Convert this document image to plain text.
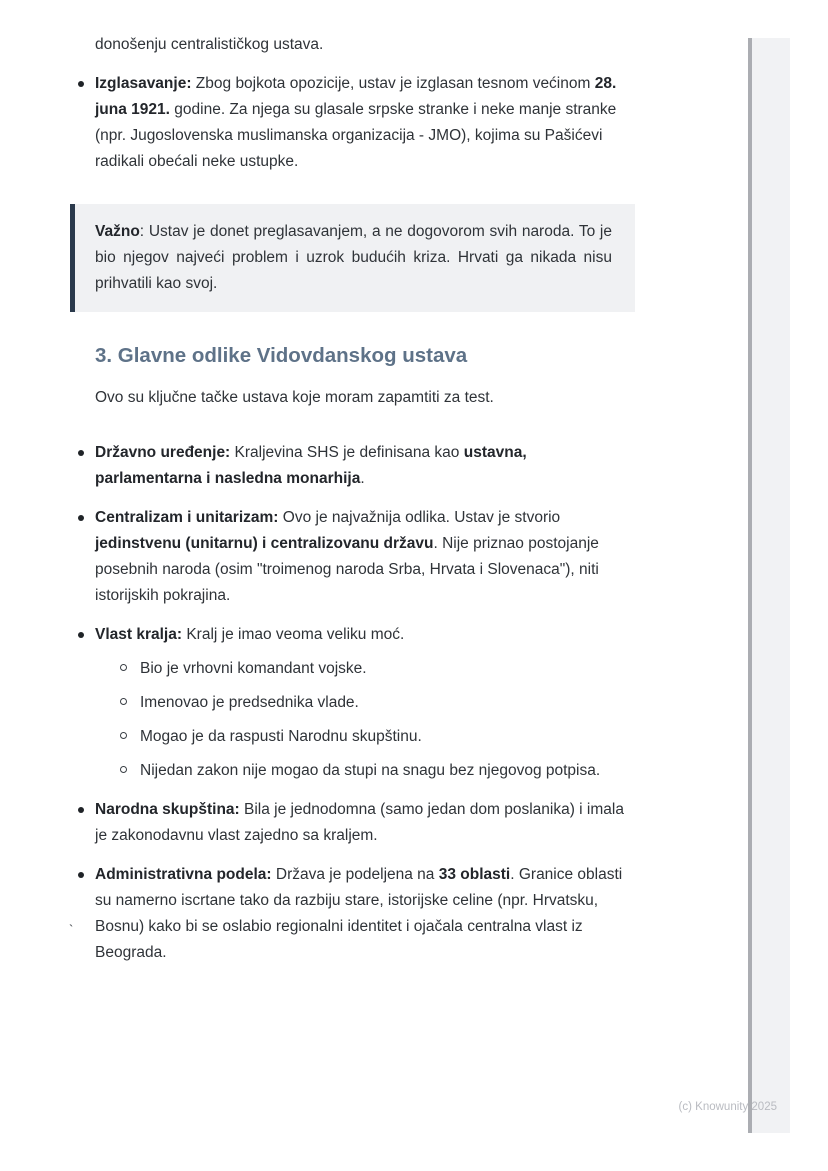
donošenju centralističkog ustava.

Izglasavanje: Zbog bojkota opozicije, ustav je izglasan tesnom većinom 28. juna 1921. godine. Za njega su glasale srpske stranke i neke manje stranke (npr. Jugoslovenska muslimanska organizacija - JMO), kojima su Pašićevi radikali obećali neke ustupke.

Važno: Ustav je donet preglasavanjem, a ne dogovorom svih naroda. To je bio njegov najveći problem i uzrok budućih kriza. Hrvati ga nikada nisu prihvatili kao svoj.

3. Glavne odlike Vidovdanskog ustava

Ovo su ključne tačke ustava koje moram zapamtiti za test.

Državno uređenje: Kraljevina SHS je definisana kao ustavna, parlamentarna i nasledna monarhija.
Centralizam i unitarizam: Ovo je najvažnija odlika. Ustav je stvorio jedinstvenu (unitarnu) i centralizovanu državu. Nije priznao postojanje posebnih naroda (osim "troimenog naroda Srba, Hrvata i Slovenaca"), niti istorijskih pokrajina.
Vlast kralja: Kralj je imao veoma veliku moć.
Bio je vrhovni komandant vojske.
Imenovao je predsednika vlade.
Mogao je da raspusti Narodnu skupštinu.
Nijedan zakon nije mogao da stupi na snagu bez njegovog potpisa.
Narodna skupština: Bila je jednodomna (samo jedan dom poslanika) i imala je zakonodavnu vlast zajedno sa kraljem.
Administrativna podela: Država je podeljena na 33 oblasti. Granice oblasti su namerno iscrtane tako da razbiju stare, istorijske celine (npr. Hrvatsku, Bosnu) kako bi se oslabio regionalni identitet i ojačala centralna vlast iz Beograda.
`
(c) Knowunity 2025
